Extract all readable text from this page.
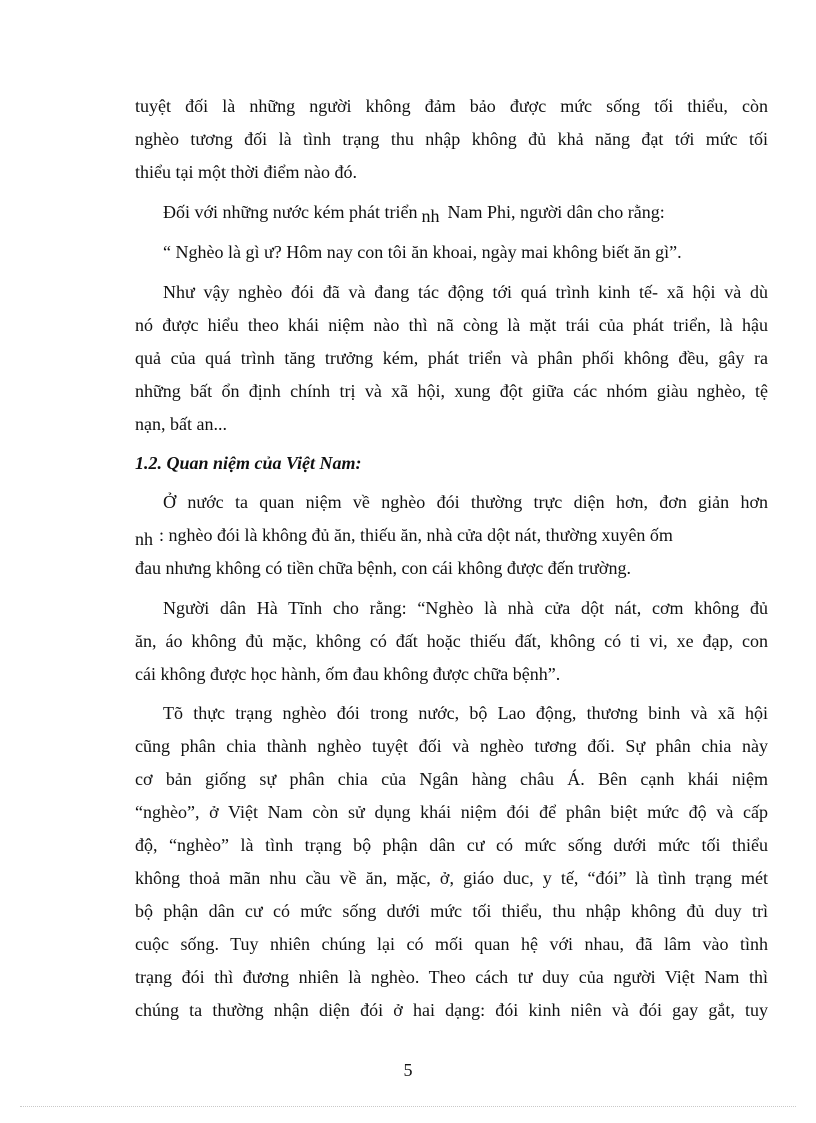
tuyệt đối là những người không đảm bảo được mức sống tối thiểu, còn
nghèo tương đối là tình trạng thu nhập không đủ khả năng đạt tới mức tối
thiểu tại một thời điểm nào đó.
Đối với những nước kém phát triển nh Nam Phi, người dân cho rằng:
“ Nghèo là gì ư? Hôm nay con tôi ăn khoai, ngày mai không biết ăn gì”.
Như vậy nghèo đói đã và đang tác động tới quá trình kinh tế- xã hội và dù
nó được hiểu theo khái niệm nào thì nã còng là mặt trái của phát triển, là hậu
quả của quá trình tăng trưởng kém, phát triển và phân phối không đều, gây ra
những bất ổn định chính trị và xã hội, xung đột giữa các nhóm giàu nghèo, tệ
nạn, bất an...
1.2. Quan niệm của Việt Nam:
Ở nước ta quan niệm về nghèo đói thường trực diện hơn, đơn giản hơn
nh : nghèo đói là không đủ ăn, thiếu ăn, nhà cửa dột nát, thường xuyên ốm
đau nhưng không có tiền chữa bệnh, con cái không được đến trường.
Người dân Hà Tĩnh cho rằng: “Nghèo là nhà cửa dột nát, cơm không đủ
ăn, áo không đủ mặc, không có đất hoặc thiếu đất, không có ti vi, xe đạp, con
cái không được học hành, ốm đau không được chữa bệnh”.
Tõ thực trạng nghèo đói trong nước, bộ Lao động, thương binh và xã hội
cũng phân chia thành nghèo tuyệt đối và nghèo tương đối. Sự phân chia này
cơ bản giống sự phân chia của Ngân hàng châu Á. Bên cạnh khái niệm
“nghèo”, ở Việt Nam còn sử dụng khái niệm đói để phân biệt mức độ và cấp
độ, “nghèo” là tình trạng bộ phận dân cư có mức sống dưới mức tối thiểu
không thoả mãn nhu cầu về ăn, mặc, ở, giáo duc, y tế, “đói” là tình trạng mét
bộ phận dân cư có mức sống dưới mức tối thiểu, thu nhập không đủ duy trì
cuộc sống. Tuy nhiên chúng lại có mối quan hệ với nhau, đã lâm vào tình
trạng đói thì đương nhiên là nghèo. Theo cách tư duy của người Việt Nam thì
chúng ta thường nhận diện đói ở hai dạng: đói kinh niên và đói gay gắt, tuy
5
